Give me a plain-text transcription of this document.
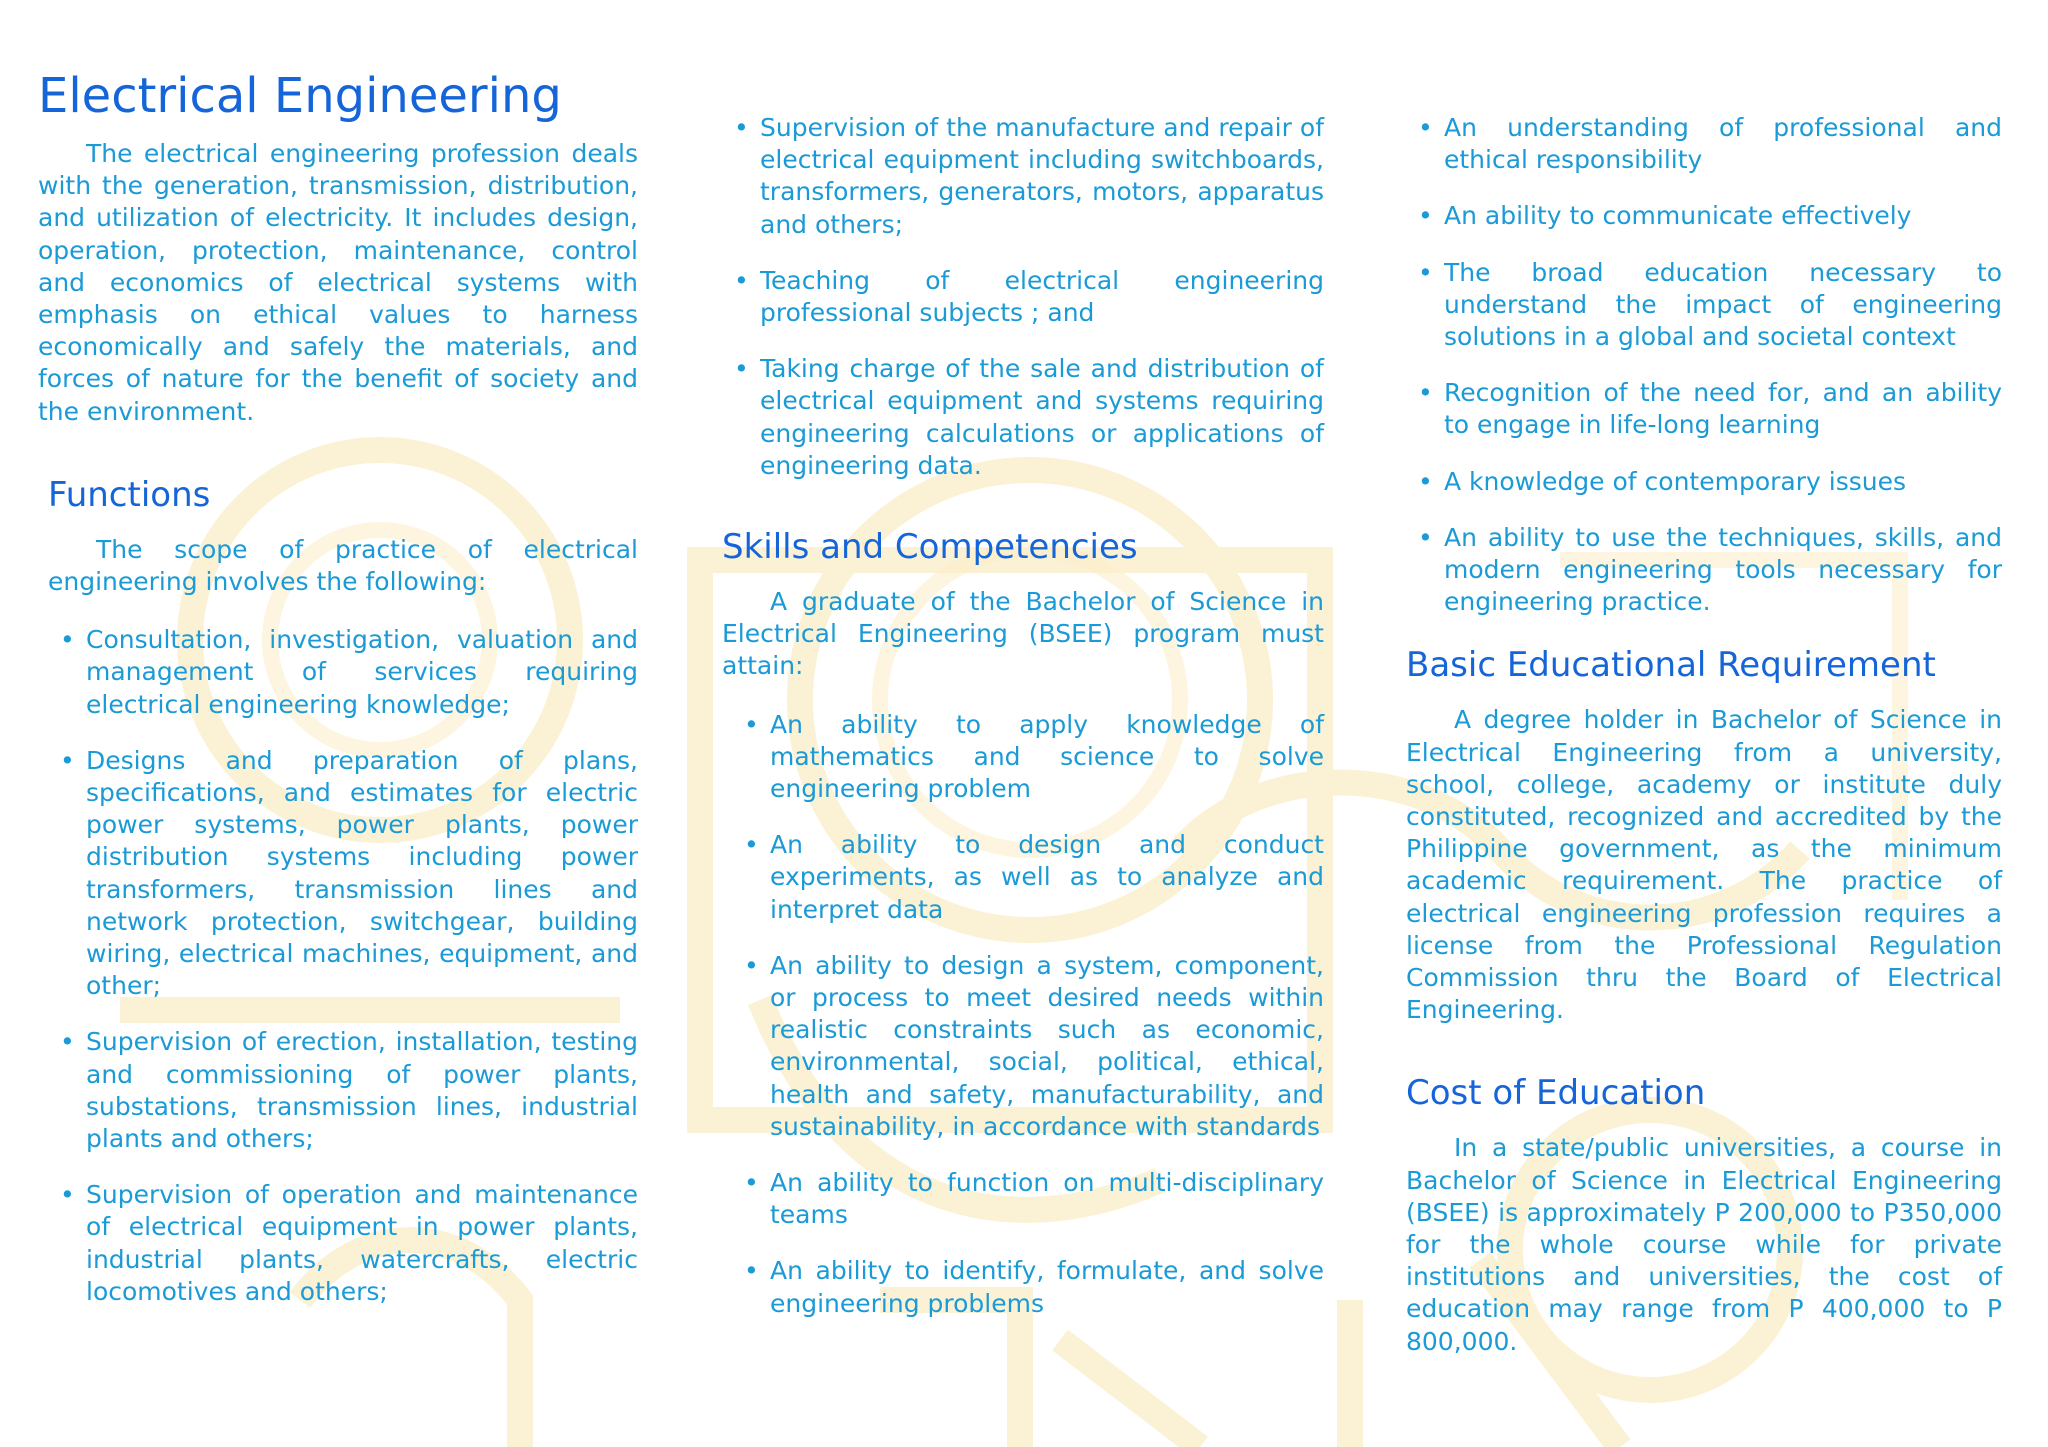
Electrical Engineering

The electrical engineering profession deals with the generation, transmission, distribution, and utilization of electricity. It includes design, operation, protection, maintenance, control and economics of electrical systems with emphasis on ethical values to harness economically and safely the materials, and forces of nature for the benefit of society and the environment.

Functions

The scope of practice of electrical engineering involves the following:

• Consultation, investigation, valuation and management of services requiring electrical engineering knowledge;
• Designs and preparation of plans, specifications, and estimates for electric power systems, power plants, power distribution systems including power transformers, transmission lines and network protection, switchgear, building wiring, electrical machines, equipment, and other;
• Supervision of erection, installation, testing and commissioning of power plants, substations, transmission lines, industrial plants and others;
• Supervision of operation and maintenance of electrical equipment in power plants, industrial plants, watercrafts, electric locomotives and others;
• Supervision of the manufacture and repair of electrical equipment including switchboards, transformers, generators, motors, apparatus and others;
• Teaching of electrical engineering professional subjects ; and
• Taking charge of the sale and distribution of electrical equipment and systems requiring engineering calculations or applications of engineering data.
Skills and Competencies

A graduate of the Bachelor of Science in Electrical Engineering (BSEE) program must attain:

• An ability to apply knowledge of mathematics and science to solve engineering problem
• An ability to design and conduct experiments, as well as to analyze and interpret data
• An ability to design a system, component, or process to meet desired needs within realistic constraints such as economic, environmental, social, political, ethical, health and safety, manufacturability, and sustainability, in accordance with standards
• An ability to function on multi-disciplinary teams
• An ability to identify, formulate, and solve engineering problems
• An understanding of professional and ethical responsibility
• An ability to communicate effectively
• The broad education necessary to understand the impact of engineering solutions in a global and societal context
• Recognition of the need for, and an ability to engage in life-long learning
• A knowledge of contemporary issues
• An ability to use the techniques, skills, and modern engineering tools necessary for engineering practice.
Basic Educational Requirement

A degree holder in Bachelor of Science in Electrical Engineering from a university, school, college, academy or institute duly constituted, recognized and accredited by the Philippine government, as the minimum academic requirement. The practice of electrical engineering profession requires a license from the Professional Regulation Commission thru the Board of Electrical Engineering.

Cost of Education

In a state/public universities, a course in Bachelor of Science in Electrical Engineering (BSEE) is approximately P 200,000 to P350,000 for the whole course while for private institutions and universities, the cost of education may range from P 400,000 to P 800,000.
